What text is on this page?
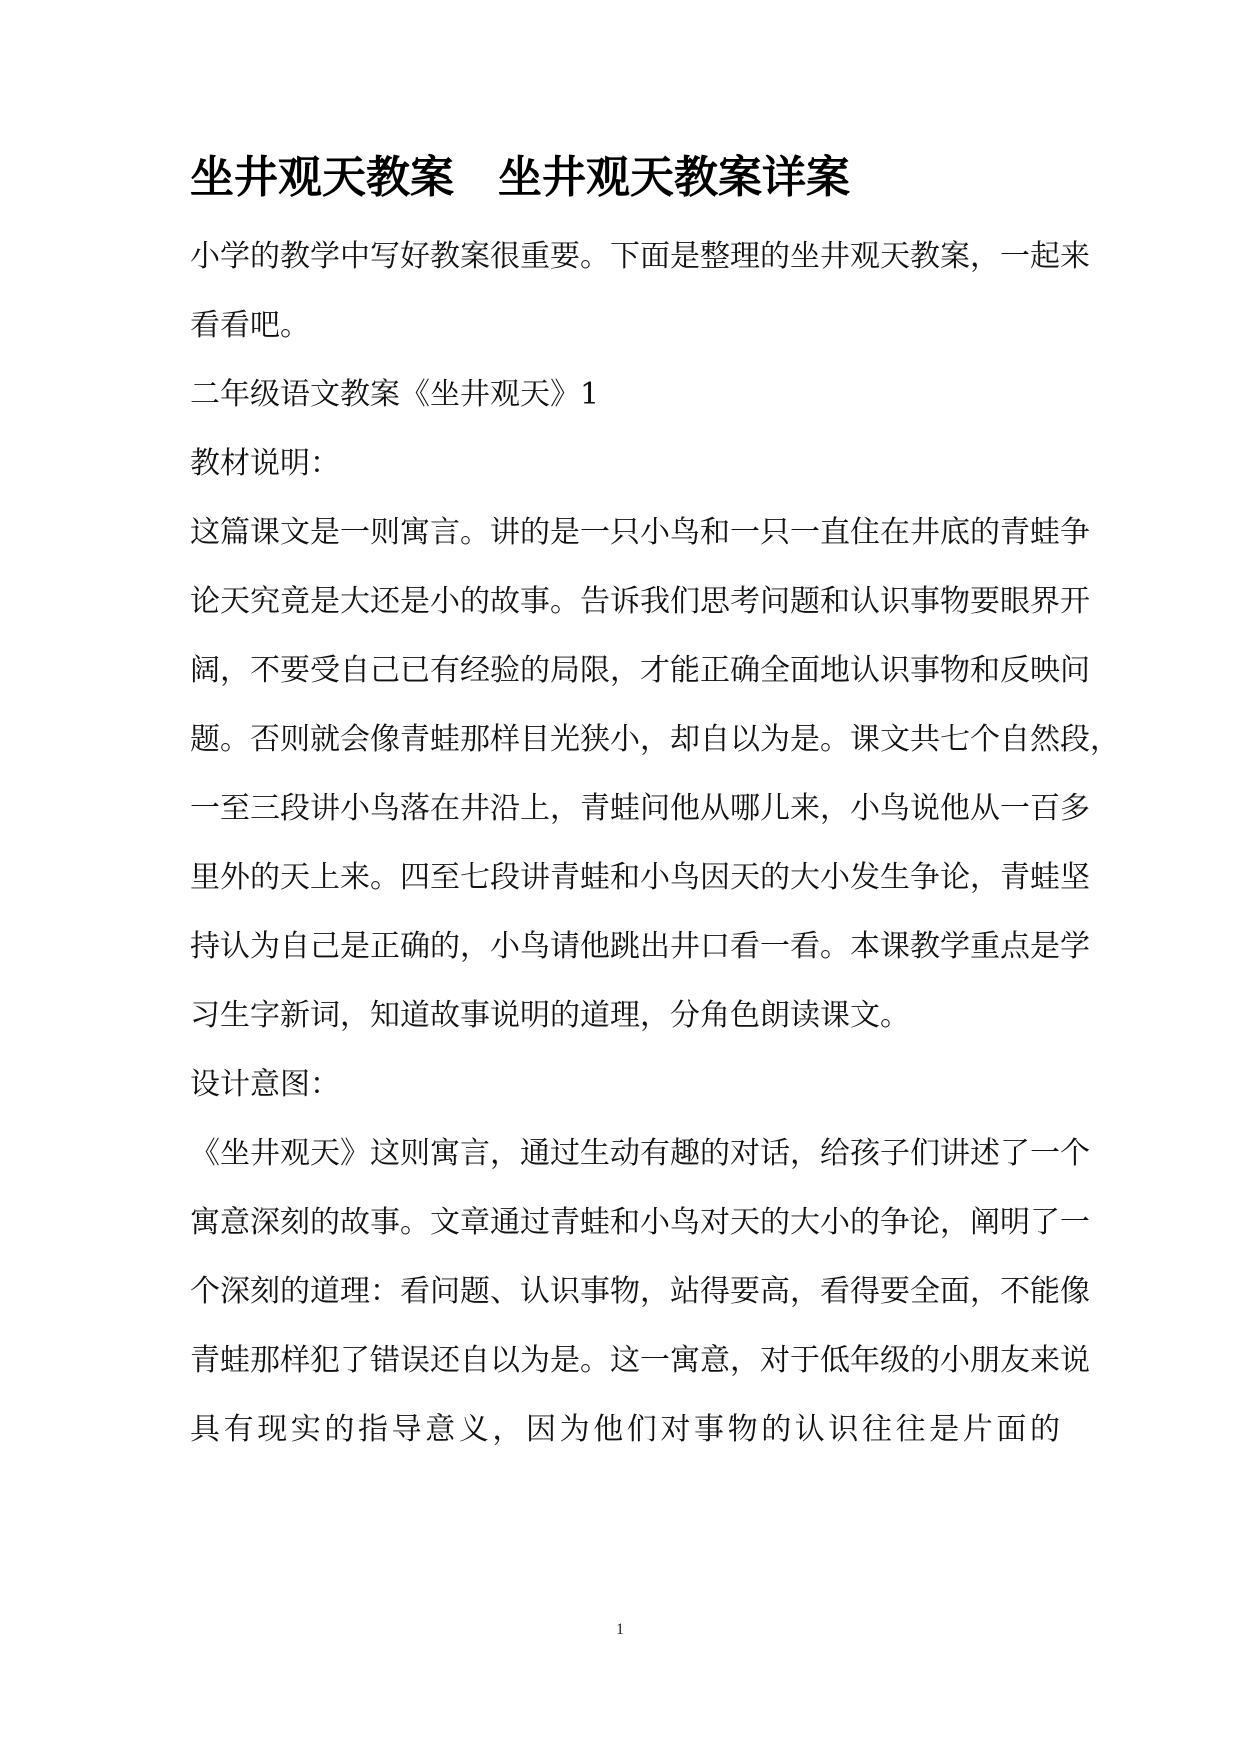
坐井观天教案　坐井观天教案详案
小学的教学中写好教案很重要。下面是整理的坐井观天教案，一起来
看看吧。
二年级语文教案《坐井观天》1
教材说明：
这篇课文是一则寓言。讲的是一只小鸟和一只一直住在井底的青蛙争
论天究竟是大还是小的故事。告诉我们思考问题和认识事物要眼界开
阔，不要受自己已有经验的局限，才能正确全面地认识事物和反映问
题。否则就会像青蛙那样目光狭小，却自以为是。课文共七个自然段，
一至三段讲小鸟落在井沿上，青蛙问他从哪儿来，小鸟说他从一百多
里外的天上来。四至七段讲青蛙和小鸟因天的大小发生争论，青蛙坚
持认为自己是正确的，小鸟请他跳出井口看一看。本课教学重点是学
习生字新词，知道故事说明的道理，分角色朗读课文。
设计意图：
《坐井观天》这则寓言，通过生动有趣的对话，给孩子们讲述了一个
寓意深刻的故事。文章通过青蛙和小鸟对天的大小的争论，阐明了一
个深刻的道理：看问题、认识事物，站得要高，看得要全面，不能像
青蛙那样犯了错误还自以为是。这一寓意，对于低年级的小朋友来说
具有现实的指导意义，因为他们对事物的认识往往是片面的
1
